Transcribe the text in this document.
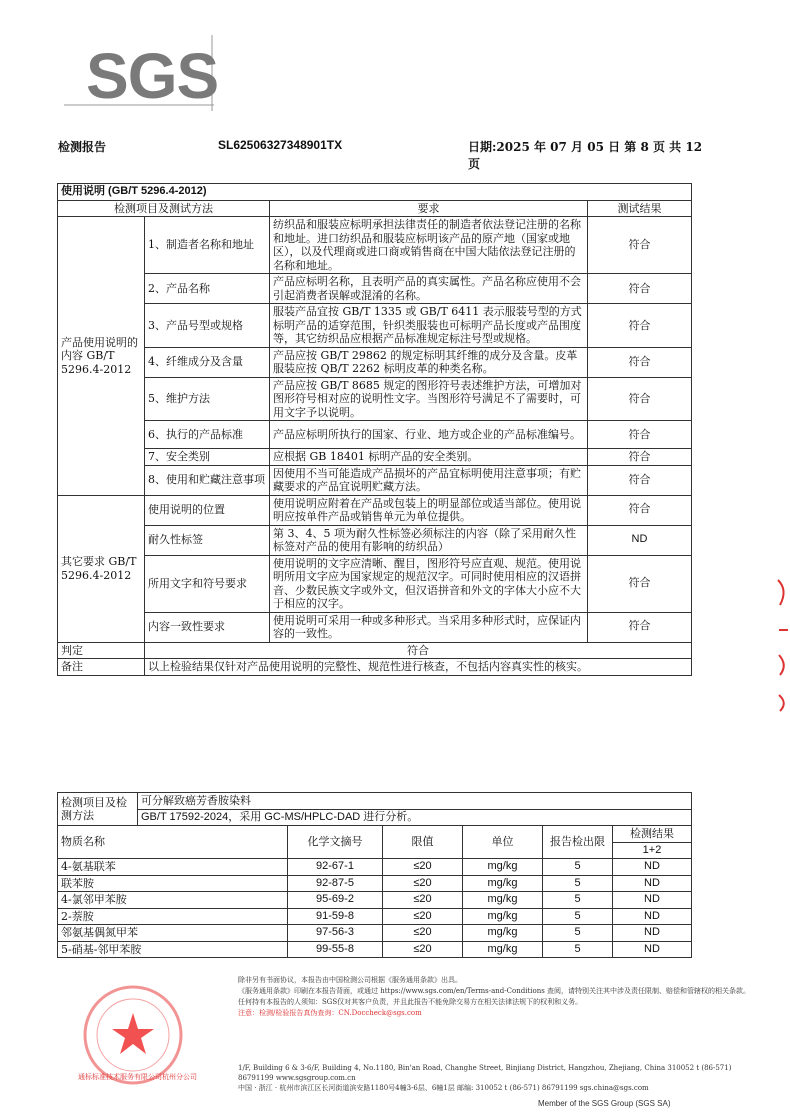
SGS
检测报告	SL62506327348901TX	日期:2025 年 07 月 05 日 第 8 页 共 12 页
使用说明 (GB/T 5296.4-2012)			
检测项目及测试方法		要求	测试结果
产品使用说明的内容 GB/T 5296.4-2012	1、制造者名称和地址	纺织品和服装应标明承担法律责任的制造者依法登记注册的名称和地址。进口纺织品和服装应标明该产品的原产地（国家或地区），以及代理商或进口商或销售商在中国大陆依法登记注册的名称和地址。	符合
	2、产品名称	产品应标明名称，且表明产品的真实属性。产品名称应使用不会引起消费者误解或混淆的名称。	符合
	3、产品号型或规格	服装产品宜按 GB/T 1335 或 GB/T 6411 表示服装号型的方式标明产品的适穿范围，针织类服装也可标明产品长度或产品围度等，其它纺织品应根据产品标准规定标注号型或规格。	符合
	4、纤维成分及含量	产品应按 GB/T 29862 的规定标明其纤维的成分及含量。皮革服装应按 QB/T 2262 标明皮革的种类名称。	符合
	5、维护方法	产品应按 GB/T 8685 规定的图形符号表述维护方法，可增加对图形符号相对应的说明性文字。当图形符号满足不了需要时，可用文字予以说明。	符合
	6、执行的产品标准	产品应标明所执行的国家、行业、地方或企业的产品标准编号。	符合
	7、安全类别	应根据 GB 18401 标明产品的安全类别。	符合
	8、使用和贮藏注意事项	因使用不当可能造成产品损坏的产品宜标明使用注意事项；有贮藏要求的产品宜说明贮藏方法。	符合
其它要求 GB/T 5296.4-2012	使用说明的位置	使用说明应附着在产品或包装上的明显部位或适当部位。使用说明应按单件产品或销售单元为单位提供。	符合
	耐久性标签	第 3、4、5 项为耐久性标签必须标注的内容（除了采用耐久性标签对产品的使用有影响的纺织品）	ND
	所用文字和符号要求	使用说明的文字应清晰、醒目，图形符号应直观、规范。使用说明所用文字应为国家规定的规范汉字。可同时使用相应的汉语拼音、少数民族文字或外文，但汉语拼音和外文的字体大小应不大于相应的汉字。	符合
	内容一致性要求	使用说明可采用一种或多种形式。当采用多种形式时，应保证内容的一致性。	符合
判定	符合		
备注	以上检验结果仅针对产品使用说明的完整性、规范性进行核查，不包括内容真实性的核实。		
检测项目及检测方法	可分解致癌芳香胺染料					
	GB/T 17592-2024，采用 GC-MS/HPLC-DAD 进行分析。					
物质名称		化学文摘号	限值	单位	报告检出限	检测结果
						1+2
4-氨基联苯		92-67-1	≤20	mg/kg	5	ND
联苯胺		92-87-5	≤20	mg/kg	5	ND
4-氯邻甲苯胺		95-69-2	≤20	mg/kg	5	ND
2-萘胺		91-59-8	≤20	mg/kg	5	ND
邻氨基偶氮甲苯		97-56-3	≤20	mg/kg	5	ND
5-硝基-邻甲苯胺		99-55-8	≤20	mg/kg	5	ND
通标标准技术服务有限公司杭州分公司
除非另有书面协议，本报告由中国检测公司根据《服务通用条款》出具。
《服务通用条款》印刷在本报告背面，或通过 https://www.sgs.com/en/Terms-and-Conditions 查阅，请特别关注其中涉及责任限制、赔偿和管辖权的相关条款。
任何持有本报告的人须知：SGS仅对其客户负责，并且此报告不能免除交易方在相关法律法规下的权利和义务。
注意：检测/检验报告真伪查询：CN.Doccheck@sgs.com
1/F, Building 6 & 3-6/F, Building 4, No.1180, Bin'an Road, Changhe Street, Binjiang District, Hangzhou, Zhejiang, China 310052 t (86-571) 86791199 www.sgsgroup.com.cn
中国 · 浙江 · 杭州市滨江区长河街道滨安路1180号4幢3-6层、6幢1层 邮编: 310052 t (86-571) 86791199 sgs.china@sgs.com
Member of the SGS Group (SGS SA)
